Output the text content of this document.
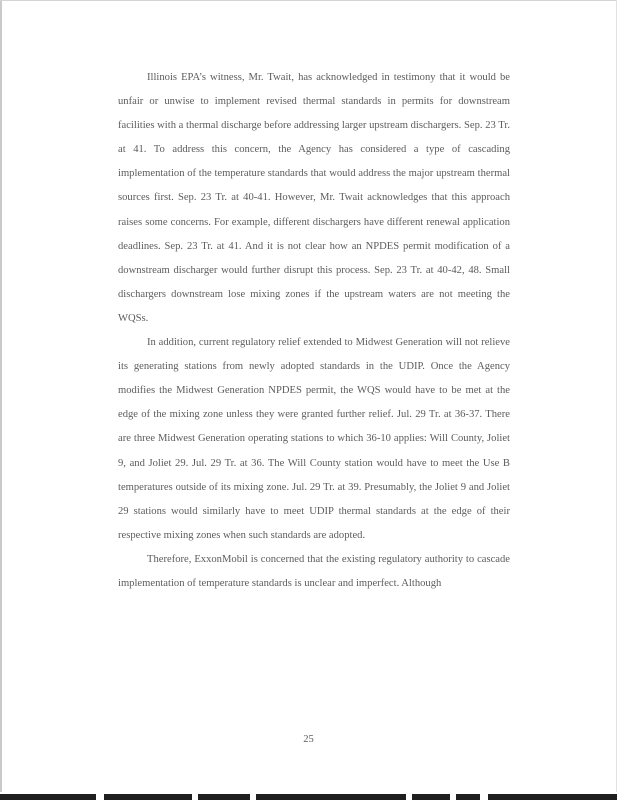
Illinois EPA’s witness, Mr. Twait, has acknowledged in testimony that it would be unfair or unwise to implement revised thermal standards in permits for downstream facilities with a thermal discharge before addressing larger upstream dischargers. Sep. 23 Tr. at 41. To address this concern, the Agency has considered a type of cascading implementation of the temperature standards that would address the major upstream thermal sources first. Sep. 23 Tr. at 40-41. However, Mr. Twait acknowledges that this approach raises some concerns. For example, different dischargers have different renewal application deadlines. Sep. 23 Tr. at 41. And it is not clear how an NPDES permit modification of a downstream discharger would further disrupt this process. Sep. 23 Tr. at 40-42, 48. Small dischargers downstream lose mixing zones if the upstream waters are not meeting the WQSs.

In addition, current regulatory relief extended to Midwest Generation will not relieve its generating stations from newly adopted standards in the UDIP. Once the Agency modifies the Midwest Generation NPDES permit, the WQS would have to be met at the edge of the mixing zone unless they were granted further relief. Jul. 29 Tr. at 36-37. There are three Midwest Generation operating stations to which 36-10 applies: Will County, Joliet 9, and Joliet 29. Jul. 29 Tr. at 36. The Will County station would have to meet the Use B temperatures outside of its mixing zone. Jul. 29 Tr. at 39. Presumably, the Joliet 9 and Joliet 29 stations would similarly have to meet UDIP thermal standards at the edge of their respective mixing zones when such standards are adopted.

Therefore, ExxonMobil is concerned that the existing regulatory authority to cascade implementation of temperature standards is unclear and imperfect. Although

25
